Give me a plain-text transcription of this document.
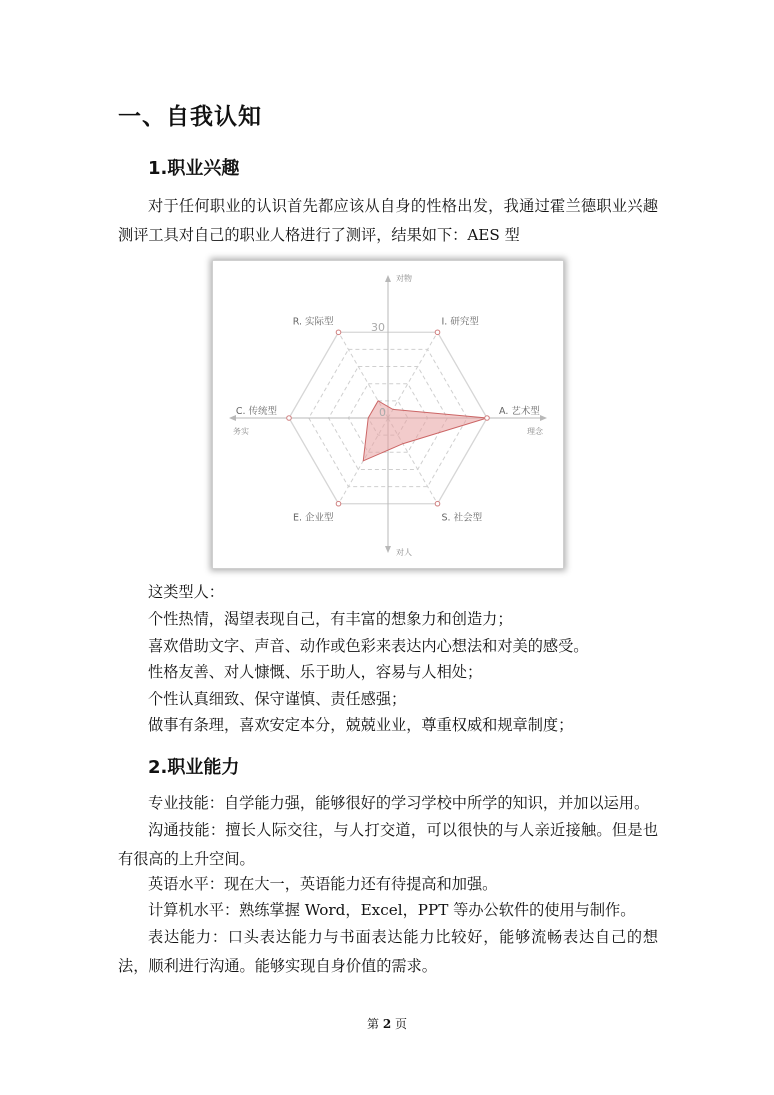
一、自我认知
1.职业兴趣

对于任何职业的认识首先都应该从自身的性格出发，我通过霍兰德职业兴趣测评工具对自己的职业人格进行了测评，结果如下：AES 型

R. 实际型	I. 研究型
A. 艺术型
S. 社会型
E. 企业型
C. 传统型
30
0
对物
对人
务实	理念

这类型人：

个性热情，渴望表现自己，有丰富的想象力和创造力；

喜欢借助文字、声音、动作或色彩来表达内心想法和对美的感受。

性格友善、对人慷慨、乐于助人，容易与人相处；

个性认真细致、保守谨慎、责任感强；

做事有条理，喜欢安定本分，兢兢业业，尊重权威和规章制度；

2.职业能力

专业技能：自学能力强，能够很好的学习学校中所学的知识，并加以运用。

沟通技能：擅长人际交往，与人打交道，可以很快的与人亲近接触。但是也有很高的上升空间。

英语水平：现在大一，英语能力还有待提高和加强。

计算机水平：熟练掌握 Word，Excel，PPT 等办公软件的使用与制作。

表达能力：口头表达能力与书面表达能力比较好，能够流畅表达自己的想法，顺利进行沟通。能够实现自身价值的需求。

第 2 页
